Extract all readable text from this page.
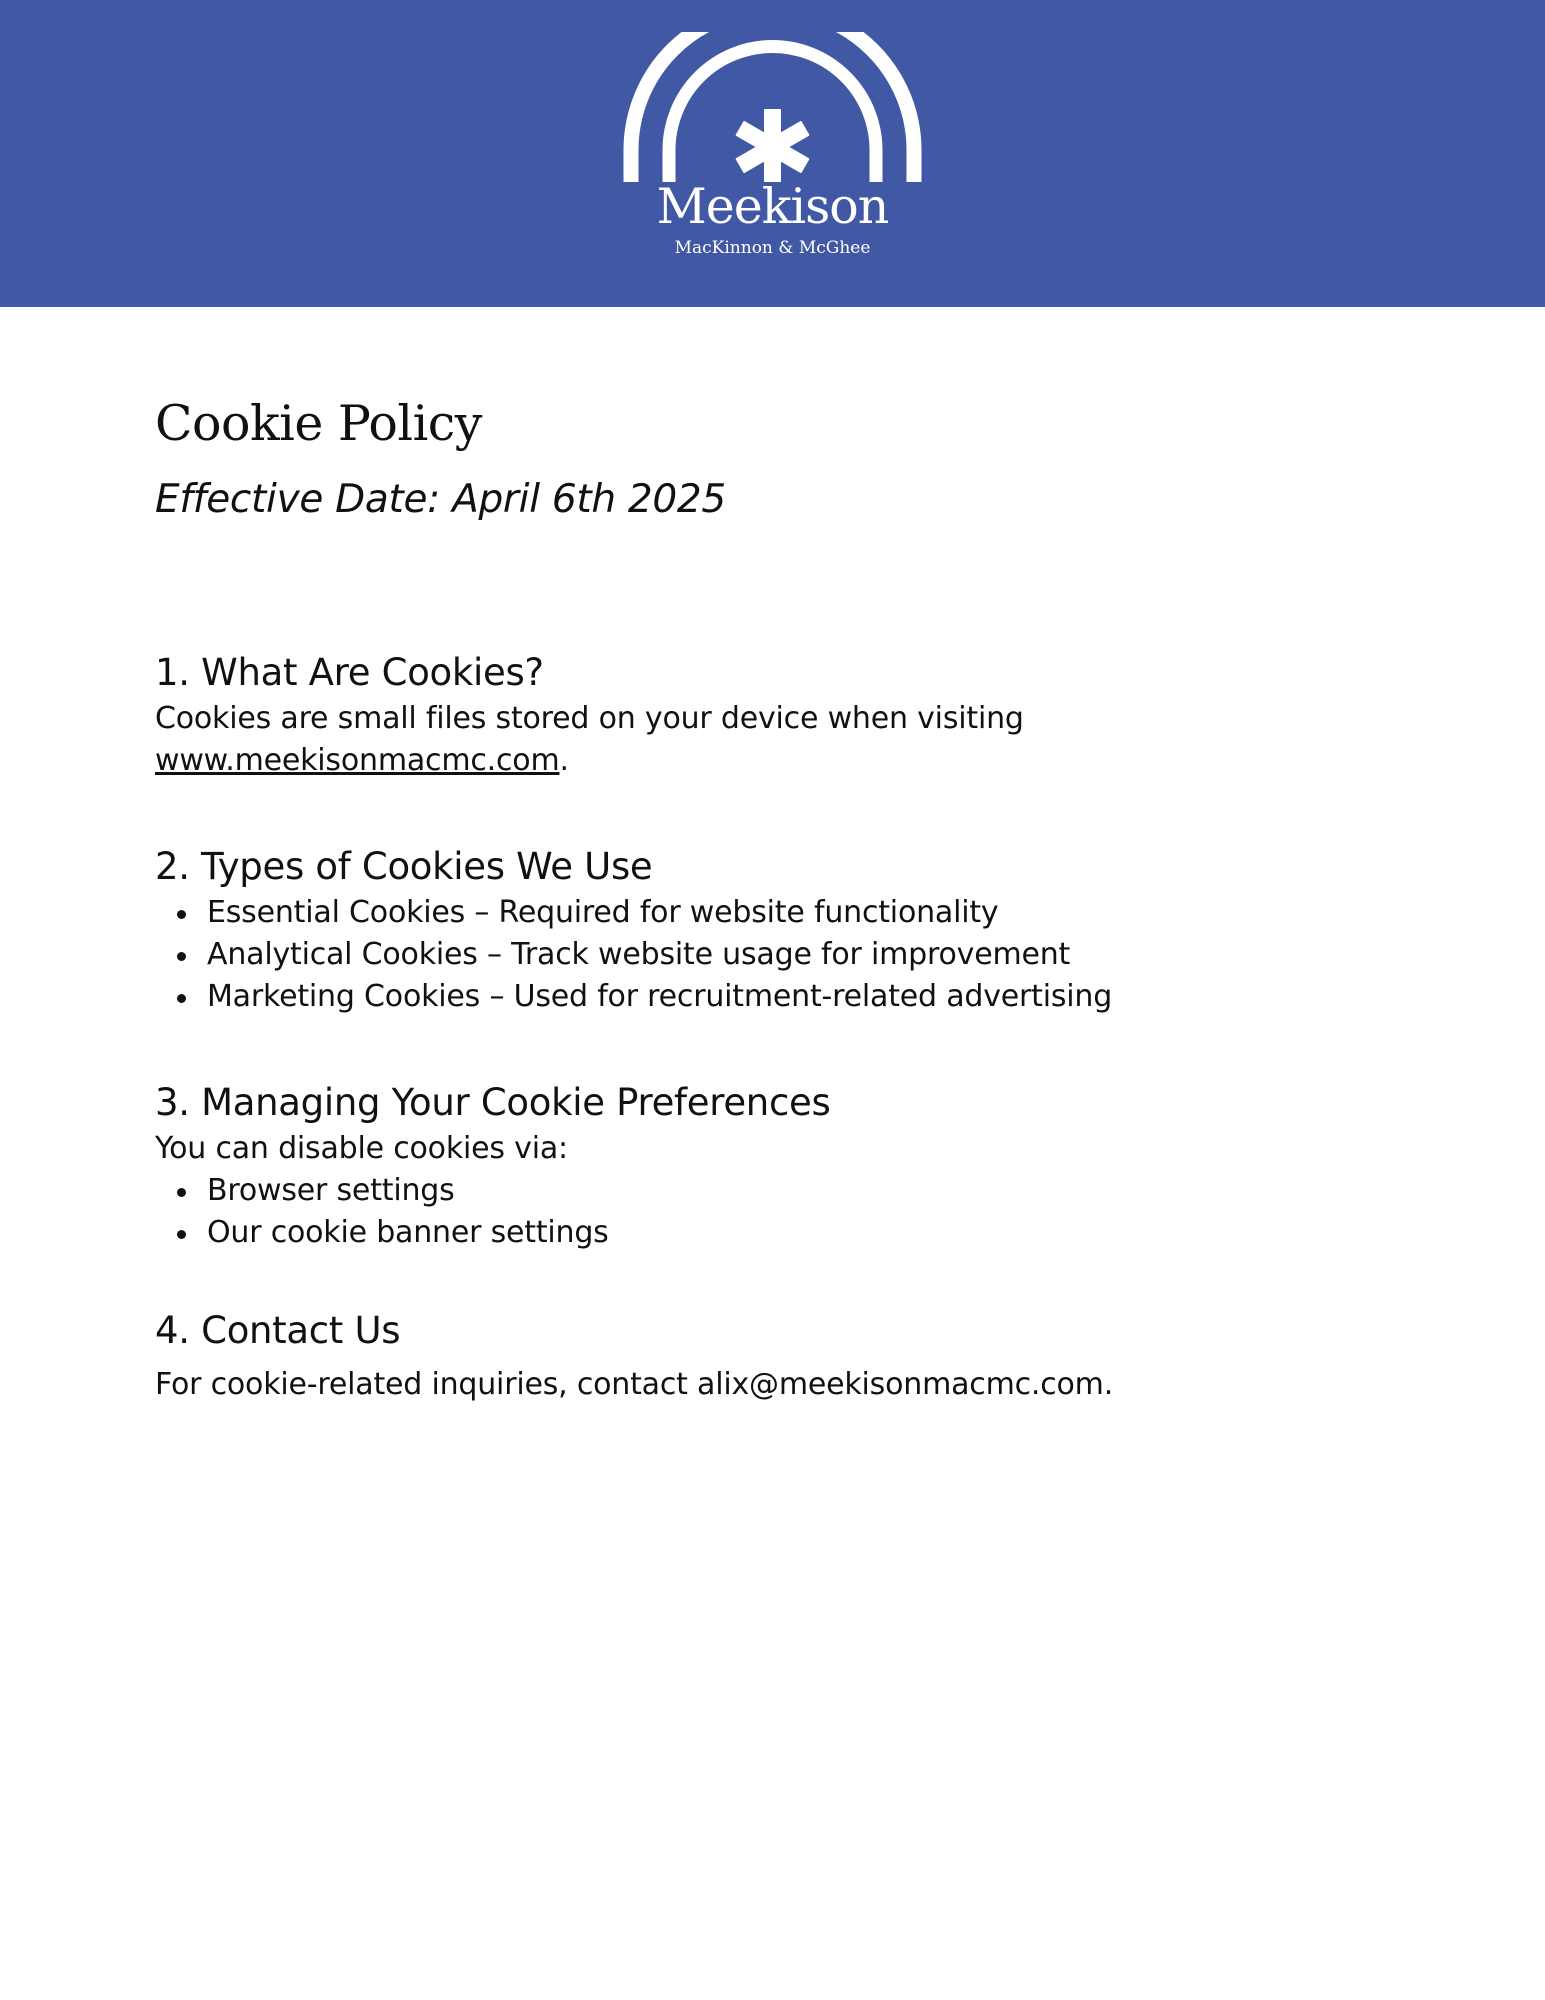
Meekison
MacKinnon & McGhee
Cookie Policy
Effective Date: April 6th 2025
1. What Are Cookies?

Cookies are small files stored on your device when visiting
www.meekisonmacmc.com.

2. Types of Cookies We Use
Essential Cookies – Required for website functionality
Analytical Cookies – Track website usage for improvement
Marketing Cookies – Used for recruitment-related advertising
3. Managing Your Cookie Preferences

You can disable cookies via:

Browser settings
Our cookie banner settings
4. Contact Us

For cookie-related inquiries, contact alix@meekisonmacmc.com.
